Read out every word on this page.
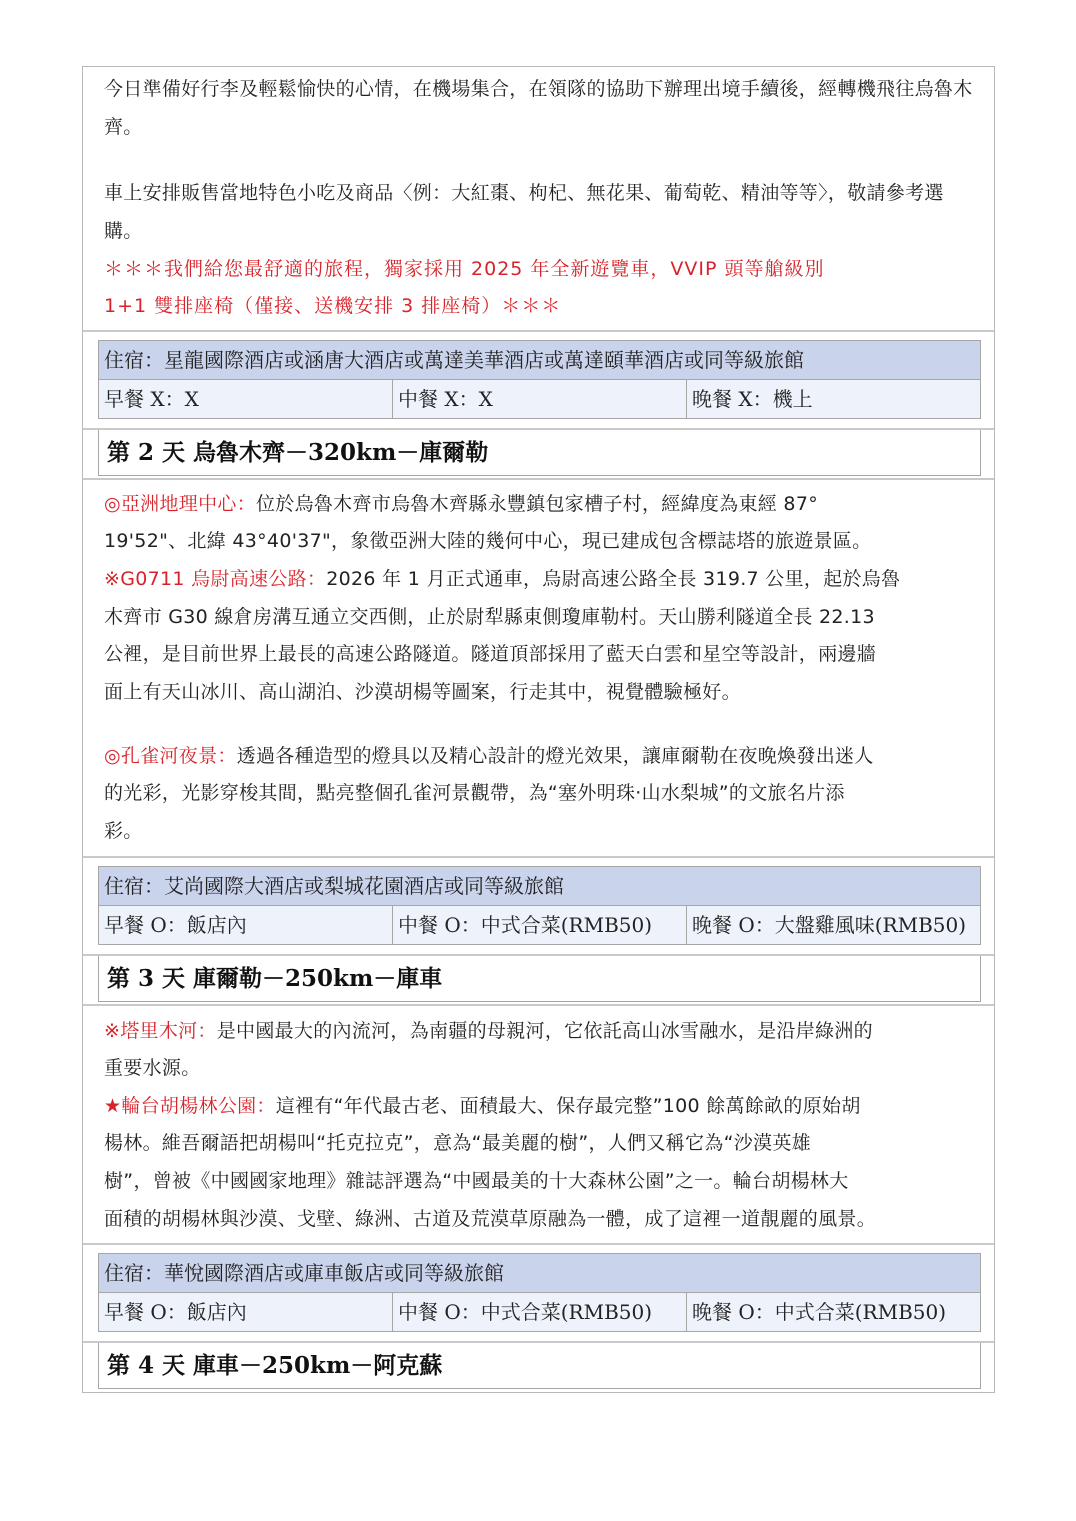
今日準備好行李及輕鬆愉快的心情，在機場集合，在領隊的協助下辦理出境手續後，經轉機飛往烏魯木齊。

車上安排販售當地特色小吃及商品〈例：大紅棗、枸杞、無花果、葡萄乾、精油等等〉，敬請參考選購。

＊＊＊我們給您最舒適的旅程，獨家採用 2025 年全新遊覽車，VVIP 頭等艙級別

1+1 雙排座椅（僅接、送機安排 3 排座椅）＊＊＊

住宿：星龍國際酒店或涵唐大酒店或萬達美華酒店或萬達頤華酒店或同等級旅館
早餐 X：X	中餐 X：X	晚餐 X：機上
第 2 天 烏魯木齊－320km－庫爾勒

◎亞洲地理中心：位於烏魯木齊市烏魯木齊縣永豐鎮包家槽子村，經緯度為東經 87°

19'52"、北緯 43°40'37"，象徵亞洲大陸的幾何中心，現已建成包含標誌塔的旅遊景區。

※G0711 烏尉高速公路：2026 年 1 月正式通車，烏尉高速公路全長 319.7 公里，起於烏魯

木齊市 G30 線倉房溝互通立交西側，止於尉犁縣東側瓊庫勒村。天山勝利隧道全長 22.13

公裡，是目前世界上最長的高速公路隧道。隧道頂部採用了藍天白雲和星空等設計，兩邊牆

面上有天山冰川、高山湖泊、沙漠胡楊等圖案，行走其中，視覺體驗極好。

◎孔雀河夜景：透過各種造型的燈具以及精心設計的燈光效果，讓庫爾勒在夜晚煥發出迷人

的光彩，光影穿梭其間，點亮整個孔雀河景觀帶，為“塞外明珠·山水梨城”的文旅名片添

彩。

住宿：艾尚國際大酒店或梨城花園酒店或同等級旅館
早餐 O：飯店內	中餐 O：中式合菜(RMB50)	晚餐 O：大盤雞風味(RMB50)
第 3 天 庫爾勒－250km－庫車

※塔里木河：是中國最大的內流河，為南疆的母親河，它依託高山冰雪融水，是沿岸綠洲的

重要水源。

★輪台胡楊林公園：這裡有“年代最古老、面積最大、保存最完整”100 餘萬餘畝的原始胡

楊林。維吾爾語把胡楊叫“托克拉克”，意為“最美麗的樹”，人們又稱它為“沙漠英雄

樹”，曾被《中國國家地理》雜誌評選為“中國最美的十大森林公園”之一。輪台胡楊林大

面積的胡楊林與沙漠、戈壁、綠洲、古道及荒漠草原融為一體，成了這裡一道靚麗的風景。

住宿：華悅國際酒店或庫車飯店或同等級旅館
早餐 O：飯店內	中餐 O：中式合菜(RMB50)	晚餐 O：中式合菜(RMB50)
第 4 天 庫車－250km－阿克蘇
